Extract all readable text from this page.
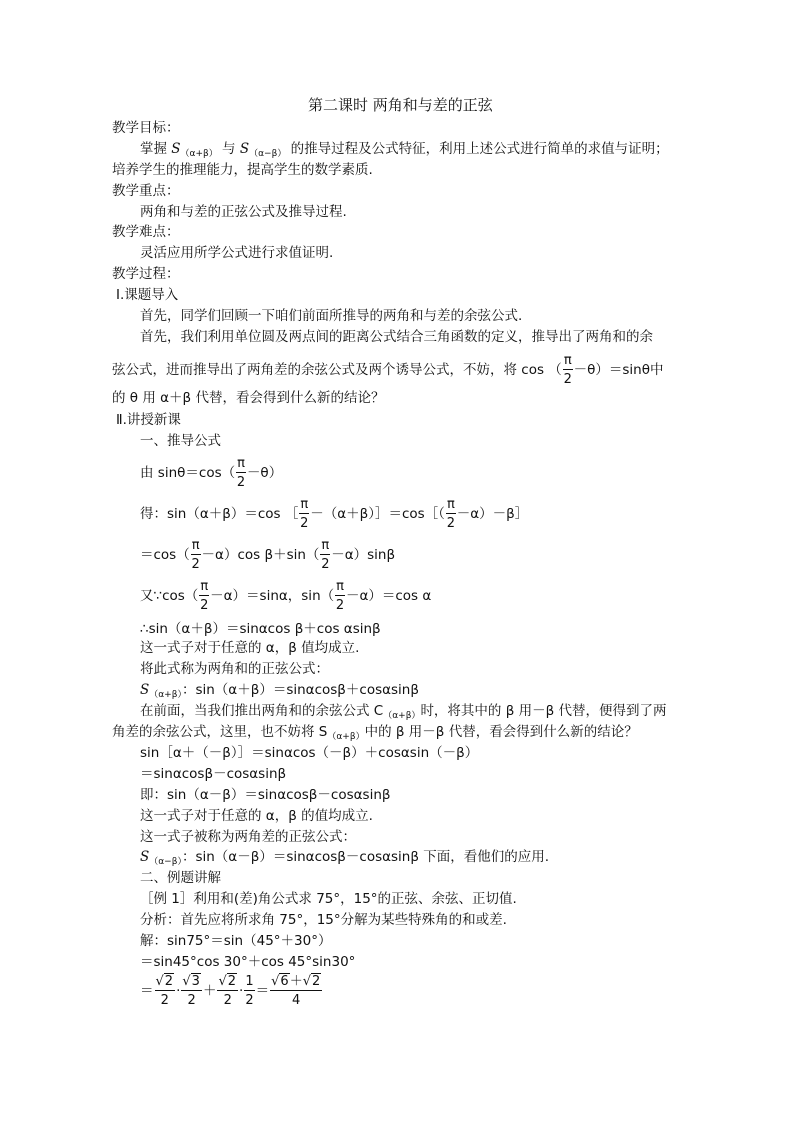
第二课时 两角和与差的正弦
教学目标：
掌握 $S_{(\alpha+\beta)}$ 与 $S_{(\alpha-\beta)}$ 的推导过程及公式特征，利用上述公式进行简单的求值与证明；
培养学生的推理能力，提高学生的数学素质.
教学重点：
两角和与差的正弦公式及推导过程.
教学难点：
灵活应用所学公式进行求值证明.
教学过程：
Ⅰ.课题导入
首先，同学们回顾一下咱们前面所推导的两角和与差的余弦公式.
首先，我们利用单位圆及两点间的距离公式结合三角函数的定义，推导出了两角和的余
弦公式，进而推导出了两角差的余弦公式及两个诱导公式，不妨，将 cos （ $\frac{\pi}{2} -\theta)=\sin\theta$中
的 θ 用 α＋β 代替，看会得到什么新的结论？
Ⅱ.讲授新课
一、推导公式
由 $\sin\theta=\cos( \frac{\pi}{2} -\theta)$
得：sin（α＋β）＝cos ［ $\frac{\pi}{2}$ －（α＋β）］＝cos［（ $\frac{\pi}{2}$ －α）－β］
$=\cos( \frac{\pi}{2} -\alpha)\cos$ $\beta+\sin( \frac{\pi}{2} -\alpha)\sin\beta$
又∵cos（ $\frac{\pi}{2} -\alpha)=\sin\alpha$，$\sin( \frac{\pi}{2} -\alpha)=\cos$ α
∴sin（α＋β）＝sinαcos β＋cos αsinβ
这一式子对于任意的 α，β 值均成立.
将此式称为两角和的正弦公式：
$S_{(\alpha+\beta)}$：sin（α＋β）＝sinαcosβ＋cosαsinβ
在前面，当我们推出两角和的余弦公式 $C_{(\alpha+\beta)}$时，将其中的 β 用－β 代替，便得到了两
角差的余弦公式，这里，也不妨将 $S_{(\alpha+\beta)}$中的 β 用－β 代替，看会得到什么新的结论？
sin［α＋（－β）］＝sinαcos（－β）＋cosαsin（－β）
＝sinαcosβ－cosαsinβ
即：sin（α－β）＝sinαcosβ－cosαsinβ
这一式子对于任意的 α，β 的值均成立.
这一式子被称为两角差的正弦公式：
$S_{(\alpha-\beta)}$：sin（α－β）＝sinαcosβ－cosαsinβ 下面，看他们的应用.
二、例题讲解
［例 1］利用和(差)角公式求 75°，15°的正弦、余弦、正切值.
分析：首先应将所求角 75°，15°分解为某些特殊角的和或差.
解：sin75°＝sin（45°＋30°）
＝sin45°cos 30°＋cos 45°sin30°
＝ $\frac{√2}{2} \cdot \frac{√3}{2} + \frac{√2}{2} \cdot \frac{1}{2} = \frac{√6+√2}{4}$
